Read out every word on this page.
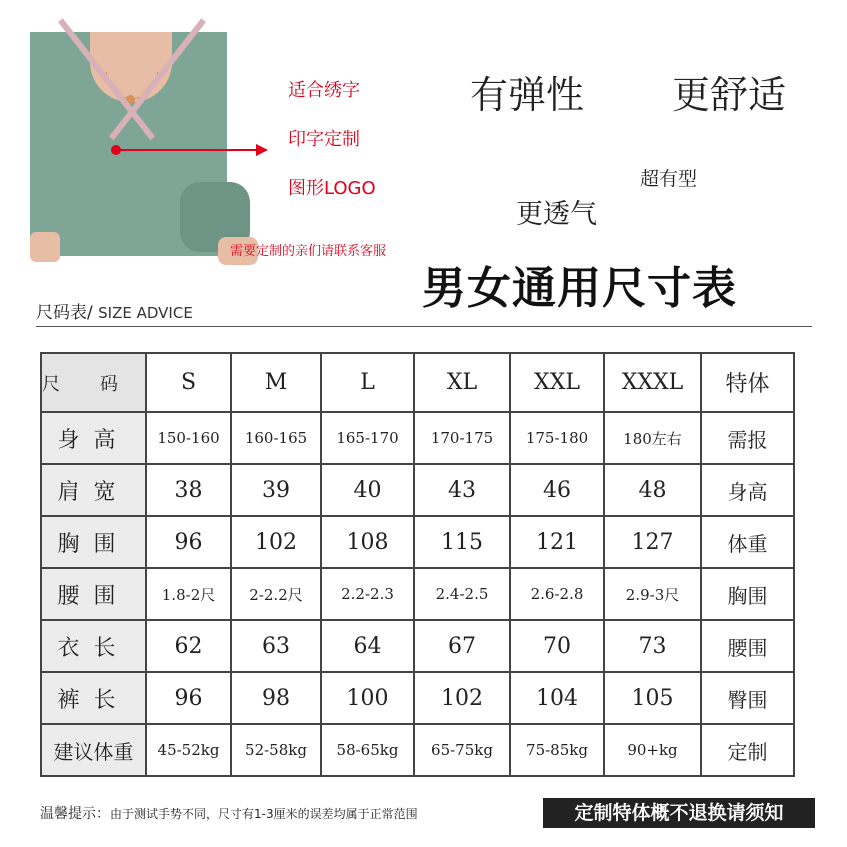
适合绣字
印字定制
图形LOGO
需要定制的亲们请联系客服
有弹性 更舒适
超有型
更透气
男女通用尺寸表
尺码表/ SIZE ADVICE
尺码	S	M	L	XL	XXL	XXXL	特体
身高	150-160	160-165	165-170	170-175	175-180	180左右	需报
肩宽	38	39	40	43	46	48	身高
胸围	96	102	108	115	121	127	体重
腰围	1.8-2尺	2-2.2尺	2.2-2.3	2.4-2.5	2.6-2.8	2.9-3尺	胸围
衣长	62	63	64	67	70	73	腰围
裤长	96	98	100	102	104	105	臀围
建议体重	45-52kg	52-58kg	58-65kg	65-75kg	75-85kg	90+kg	定制
温馨提示：由于测试手势不同，尺寸有1-3厘米的误差均属于正常范围	定制特体概不退换请须知
